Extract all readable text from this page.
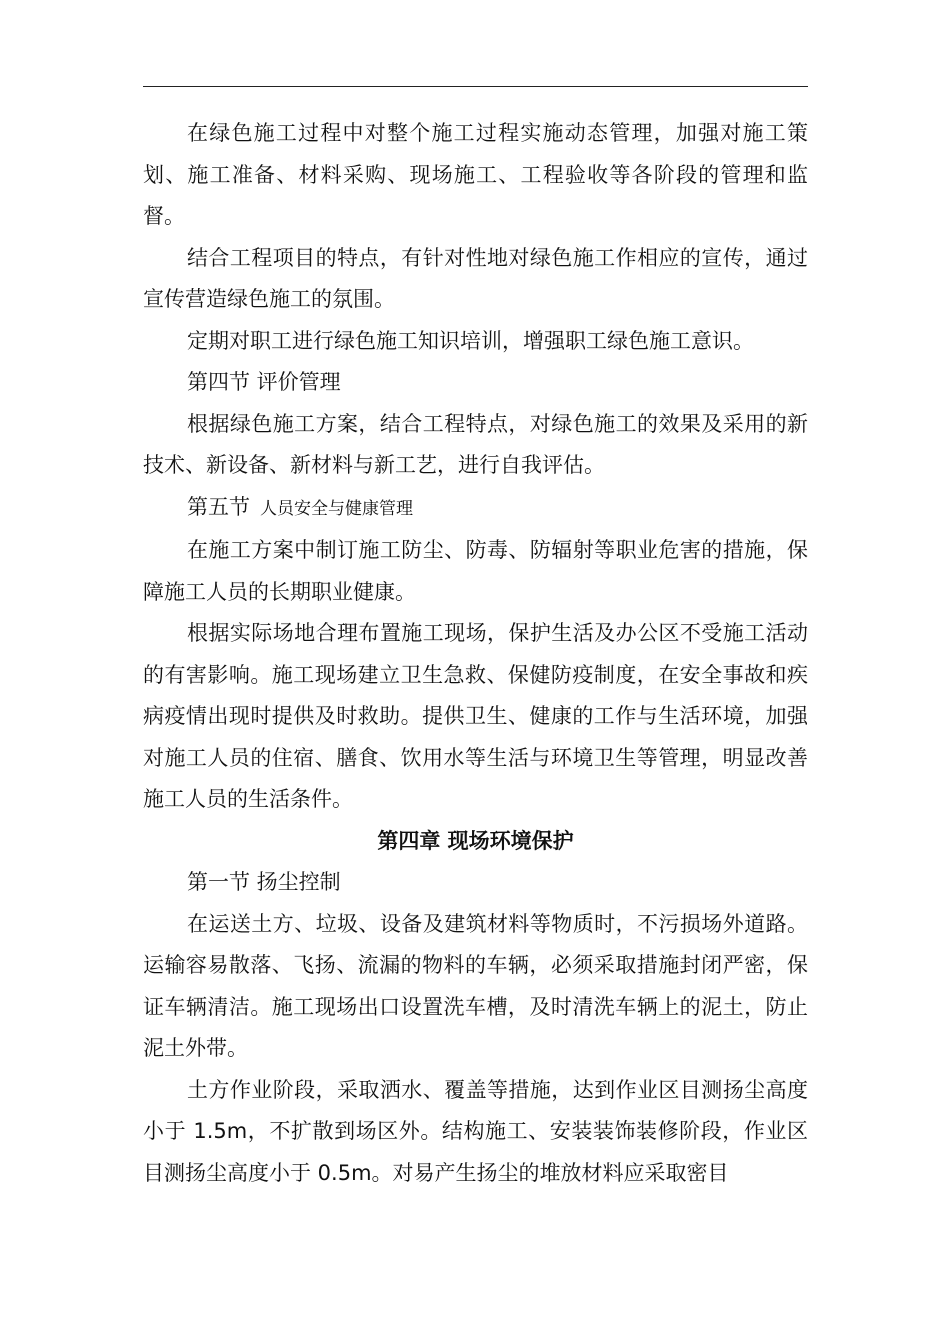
在绿色施工过程中对整个施工过程实施动态管理，加强对施工策划、施工准备、材料采购、现场施工、工程验收等各阶段的管理和监督。

结合工程项目的特点，有针对性地对绿色施工作相应的宣传，通过宣传营造绿色施工的氛围。

定期对职工进行绿色施工知识培训，增强职工绿色施工意识。

第四节 评价管理

根据绿色施工方案，结合工程特点，对绿色施工的效果及采用的新技术、新设备、新材料与新工艺，进行自我评估。

第五节 人员安全与健康管理

在施工方案中制订施工防尘、防毒、防辐射等职业危害的措施，保障施工人员的长期职业健康。

根据实际场地合理布置施工现场，保护生活及办公区不受施工活动的有害影响。施工现场建立卫生急救、保健防疫制度，在安全事故和疾病疫情出现时提供及时救助。提供卫生、健康的工作与生活环境，加强对施工人员的住宿、膳食、饮用水等生活与环境卫生等管理，明显改善施工人员的生活条件。

第四章 现场环境保护

第一节 扬尘控制

在运送土方、垃圾、设备及建筑材料等物质时，不污损场外道路。运输容易散落、飞扬、流漏的物料的车辆，必须采取措施封闭严密，保证车辆清洁。施工现场出口设置洗车槽，及时清洗车辆上的泥土，防止泥土外带。

土方作业阶段，采取洒水、覆盖等措施，达到作业区目测扬尘高度小于 1.5m，不扩散到场区外。结构施工、安装装饰装修阶段，作业区目测扬尘高度小于 0.5m。对易产生扬尘的堆放材料应采取密目
